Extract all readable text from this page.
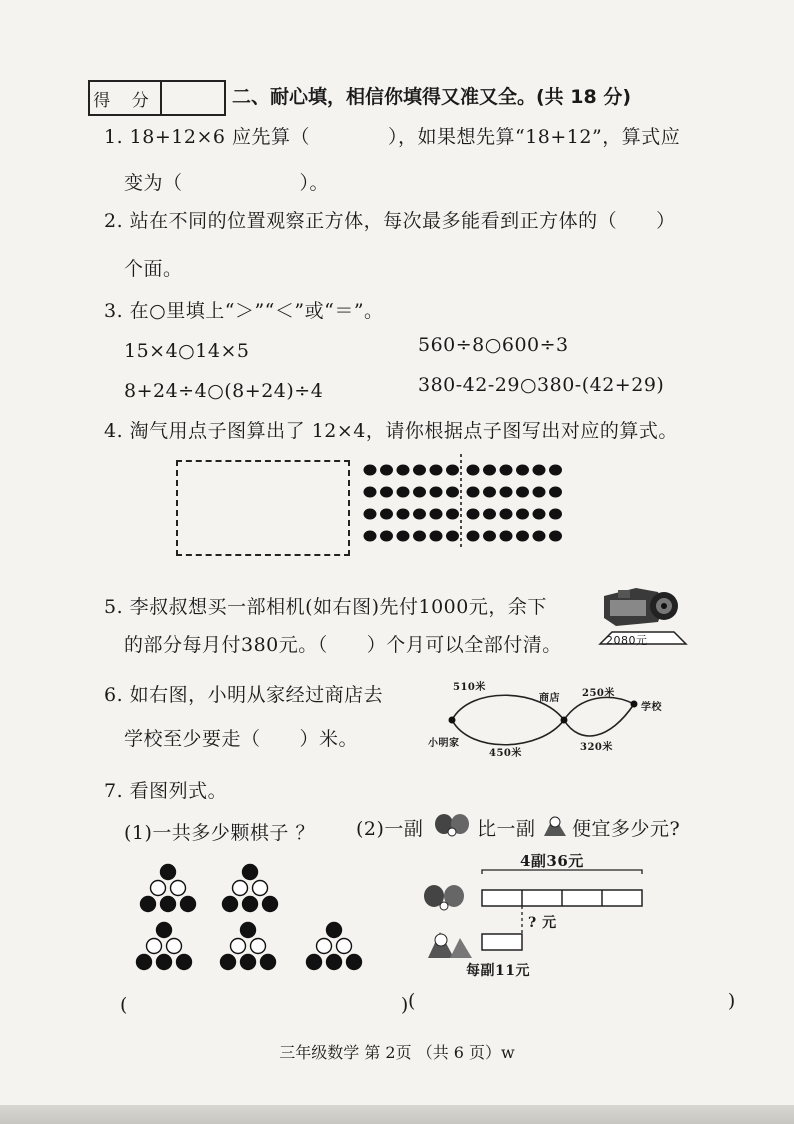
得 分	二、耐心填，相信你填得又准又全。(共 18 分)
1. 18+12×6 应先算（　　　　），如果想先算“18+12”，算式应
变为（　　　　　　）。
2. 站在不同的位置观察正方体，每次最多能看到正方体的（　　）
个面。
3. 在○里填上“＞”“＜”或“＝”。
15×4○14×5	560÷8○600÷3
8+24÷4○(8+24)÷4	380-42-29○380-(42+29)
4. 淘气用点子图算出了 12×4，请你根据点子图写出对应的算式。
5. 李叔叔想买一部相机(如右图)先付1000元，余下
的部分每月付380元。（　　）个月可以全部付清。	2080元
6. 如右图，小明从家经过商店去
学校至少要走（　　）米。
510米
商店 250米
学校
小明家
450米
320米
7. 看图列式。
(1)一共多少颗棋子 ？ (2)一副	比一副 便宜多少元?
4副36元
? 元
每副11元
(　　　　　　　　　　　　　　) (　　　　　　　　　　　　　　　　)
三年级数学 第 2页 （共 6 页）w
